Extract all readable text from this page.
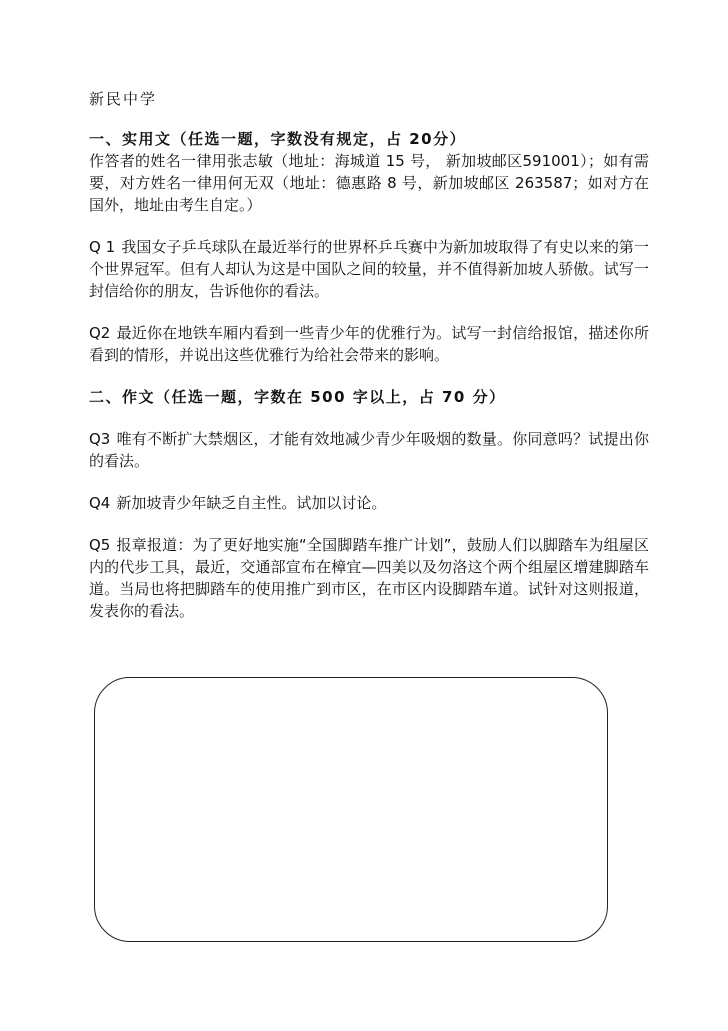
新民中学

一、实用文（任选一题，字数没有规定，占 20分）

作答者的姓名一律用张志敏（地址：海城道 15 号， 新加坡邮区591001）；如有需要，对方姓名一律用何无双（地址：德惠路 8 号，新加坡邮区 263587；如对方在国外，地址由考生自定。）

Q 1 我国女子乒乓球队在最近举行的世界杯乒乓赛中为新加坡取得了有史以来的第一个世界冠军。但有人却认为这是中国队之间的较量，并不值得新加坡人骄傲。试写一封信给你的朋友，告诉他你的看法。

Q2 最近你在地铁车厢内看到一些青少年的优雅行为。试写一封信给报馆，描述你所看到的情形，并说出这些优雅行为给社会带来的影响。

二、作文（任选一题，字数在 500 字以上，占 70 分）

Q3 唯有不断扩大禁烟区，才能有效地减少青少年吸烟的数量。你同意吗？试提出你的看法。

Q4 新加坡青少年缺乏自主性。试加以讨论。

Q5 报章报道：为了更好地实施“全国脚踏车推广计划”，鼓励人们以脚踏车为组屋区内的代步工具，最近，交通部宣布在樟宜—四美以及勿洛这个两个组屋区增建脚踏车道。当局也将把脚踏车的使用推广到市区，在市区内设脚踏车道。试针对这则报道，发表你的看法。
